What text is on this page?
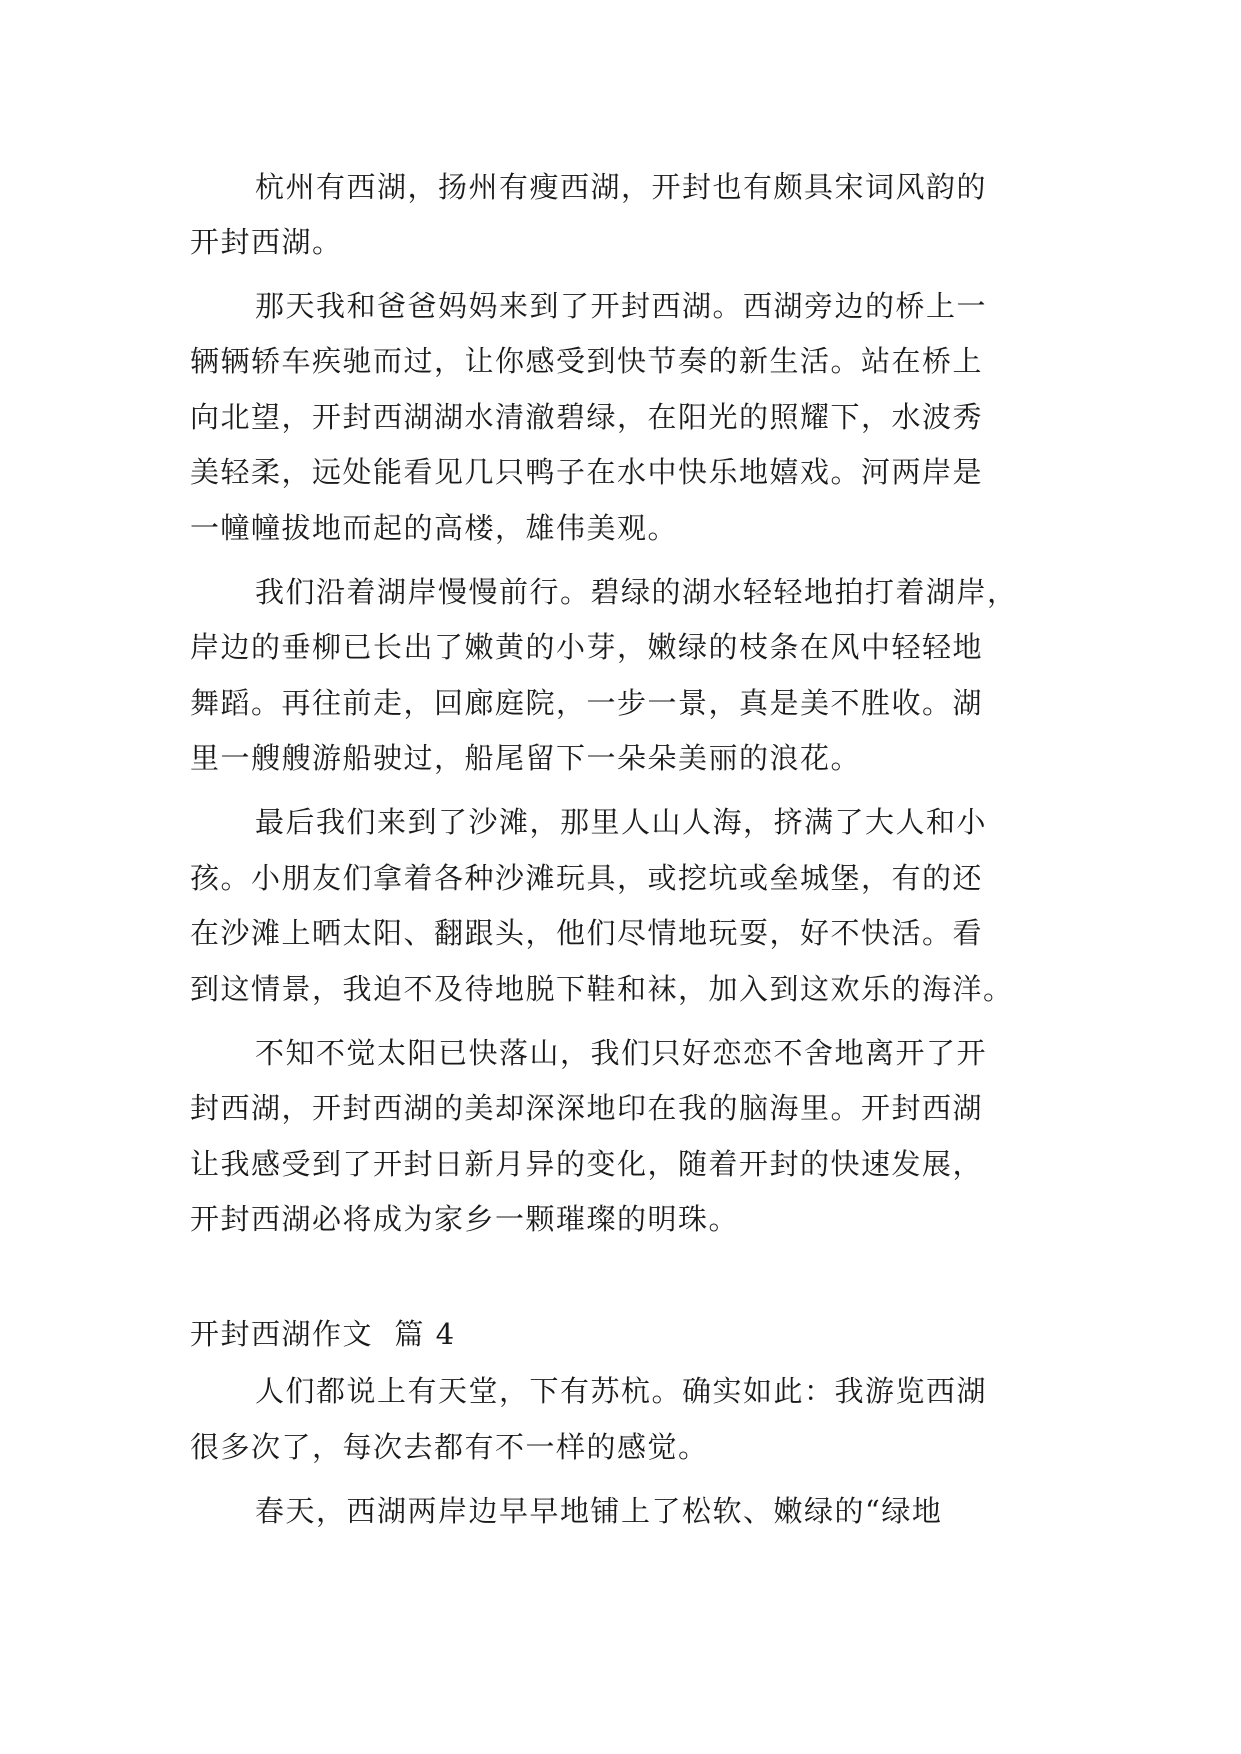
杭州有西湖，扬州有瘦西湖，开封也有颇具宋词风韵的
开封西湖。
那天我和爸爸妈妈来到了开封西湖。西湖旁边的桥上一
辆辆轿车疾驰而过，让你感受到快节奏的新生活。站在桥上
向北望，开封西湖湖水清澈碧绿，在阳光的照耀下，水波秀
美轻柔，远处能看见几只鸭子在水中快乐地嬉戏。河两岸是
一幢幢拔地而起的高楼，雄伟美观。
我们沿着湖岸慢慢前行。碧绿的湖水轻轻地拍打着湖岸，
岸边的垂柳已长出了嫩黄的小芽，嫩绿的枝条在风中轻轻地
舞蹈。再往前走，回廊庭院，一步一景，真是美不胜收。湖
里一艘艘游船驶过，船尾留下一朵朵美丽的浪花。
最后我们来到了沙滩，那里人山人海，挤满了大人和小
孩。小朋友们拿着各种沙滩玩具，或挖坑或垒城堡，有的还
在沙滩上晒太阳、翻跟头，他们尽情地玩耍，好不快活。看
到这情景，我迫不及待地脱下鞋和袜，加入到这欢乐的海洋。
不知不觉太阳已快落山，我们只好恋恋不舍地离开了开
封西湖，开封西湖的美却深深地印在我的脑海里。开封西湖
让我感受到了开封日新月异的变化，随着开封的快速发展，
开封西湖必将成为家乡一颗璀璨的明珠。
开封西湖作文  篇 4
人们都说上有天堂，下有苏杭。确实如此：我游览西湖
很多次了，每次去都有不一样的感觉。
春天，西湖两岸边早早地铺上了松软、嫩绿的“绿地
